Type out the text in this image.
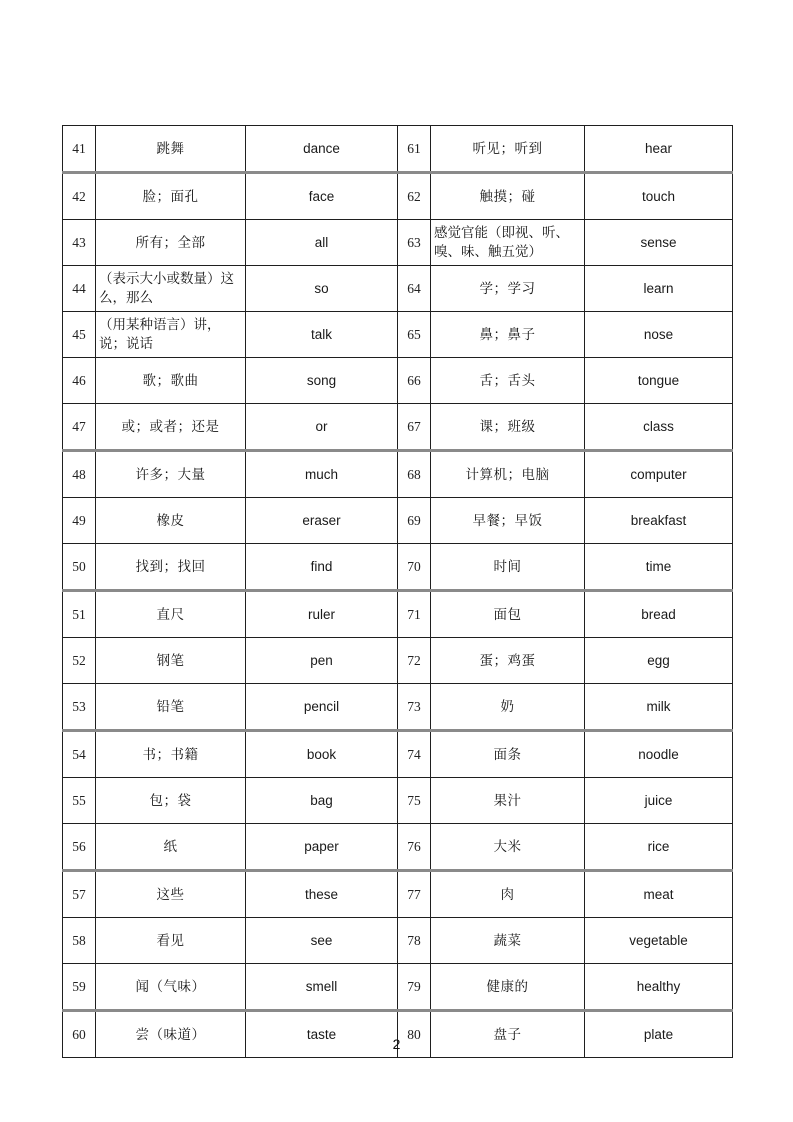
41	跳舞	dance	61	听见；听到	hear
42	脸；面孔	face	62	触摸；碰	touch
43	所有；全部	all	63	感觉官能（即视、听、嗅、味、触五觉）	sense
44	（表示大小或数量）这么，那么	so	64	学；学习	learn
45	（用某种语言）讲，说；说话	talk	65	鼻；鼻子	nose
46	歌；歌曲	song	66	舌；舌头	tongue
47	或；或者；还是	or	67	课；班级	class
48	许多；大量	much	68	计算机；电脑	computer
49	橡皮	eraser	69	早餐；早饭	breakfast
50	找到；找回	find	70	时间	time
51	直尺	ruler	71	面包	bread
52	钢笔	pen	72	蛋；鸡蛋	egg
53	铅笔	pencil	73	奶	milk
54	书；书籍	book	74	面条	noodle
55	包；袋	bag	75	果汁	juice
56	纸	paper	76	大米	rice
57	这些	these	77	肉	meat
58	看见	see	78	蔬菜	vegetable
59	闻（气味）	smell	79	健康的	healthy
60	尝（味道）	taste	80	盘子	plate
2
